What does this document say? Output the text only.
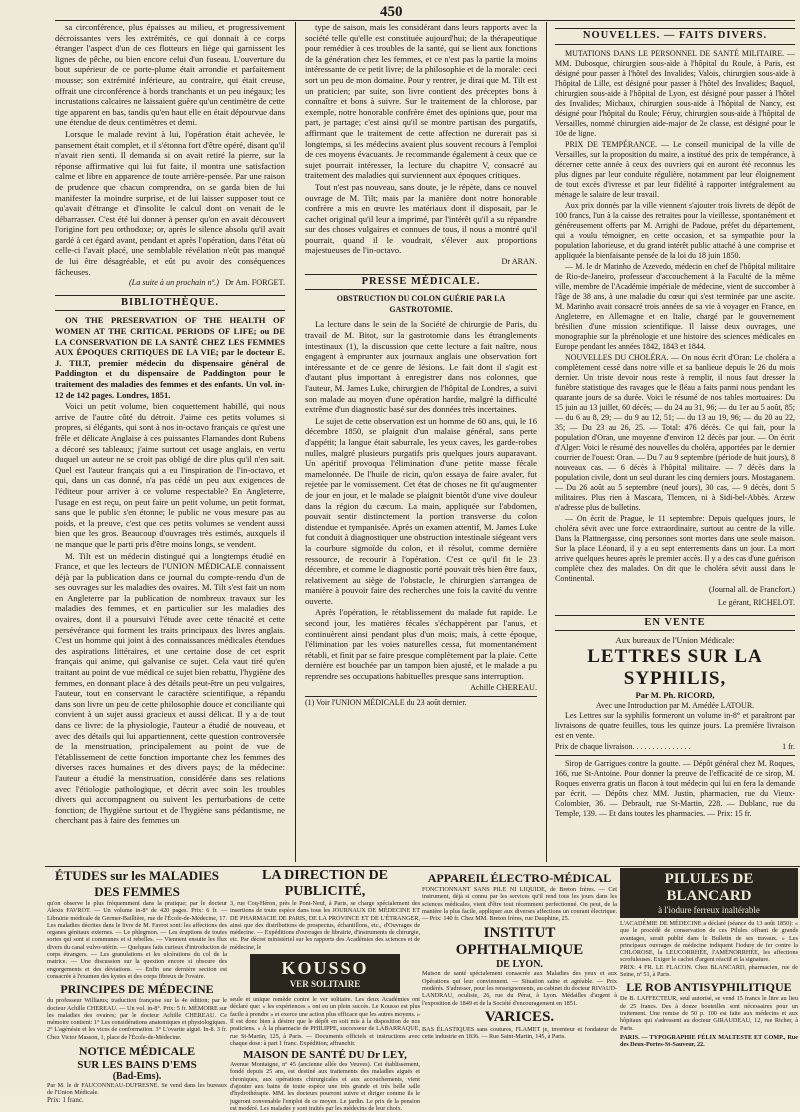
450
sa circonférence, plus épaisses au milieu, et progressivement décroissantes vers les extrémités, ce qui donnait à ce corps étranger l'aspect d'un de ces flotteurs en liége qui garnissent les lignes de pêche, ou bien encore celui d'un fuseau. L'ouverture du bout supérieur de ce porte-plume était arrondie et parfaitement mousse; son extrémité inférieure, au contraire, qui était creuse, offrait une circonférence à bords tranchants et un peu inégaux; les incrustations calcaires ne laissaient guère qu'un centimètre de cette tige apparent en bas, tandis qu'en haut elle en était dépourvue dans une étendue de deux centimètres et demi.
Lorsque le malade revint à lui, l'opération était achevée, le pansement était complet, et il s'étonna fort d'être opéré, disant qu'il n'avait rien senti. Il demanda si on avait retiré la pierre, sur la réponse affirmative qui lui fut faite, il montra une satisfaction calme et libre en apparence de toute arrière-pensée. Par une raison de prudence que chacun comprendra, on se garda bien de lui manifester la moindre surprise, et de lui laisser supposer tout ce qu'avait d'étrange et d'insolite le calcul dont on venait de le débarrasser. C'est été lui donner à penser qu'on en avait découvert l'origine fort peu orthodoxe; or, après le silence absolu qu'il avait gardé à cet égard avant, pendant et après l'opération, dans l'état où celle-ci l'avait placé, une semblable révélation n'eût pas manqué de lui être désagréable, et eût pu avoir des conséquences fâcheuses.
(La suite à un prochain nº.) Dr Am. FORGET.
BIBLIOTHÈQUE.
ON THE PRESERVATION OF THE HEALTH OF WOMEN AT THE CRITICAL PERIODS OF LIFE; ou DE LA CONSERVATION DE LA SANTÉ CHEZ LES FEMMES AUX ÉPOQUES CRITIQUES DE LA VIE; par le docteur E. J. TILT, premier médecin du dispensaire général de Paddington et du dispensaire de Paddington pour le traitement des maladies des femmes et des enfants. Un vol. in-12 de 142 pages. Londres, 1851.
Voici un petit volume, bien coquettement habillé, qui nous arrive de l'autre côté du détroit. J'aime ces petits volumes si propres, si élégants, qui sont à nos in-octavo français ce qu'est une frêle et délicate Anglaise à ces puissantes Flamandes dont Rubens a décoré ses tableaux; j'aime surtout cet usage anglais, en vertu duquel un auteur ne se croit pas obligé de dire plus qu'il n'en sait. Quel est l'auteur français qui a eu l'inspiration de l'in-octavo, et qui, dans un cas donné, n'a pas cédé un peu aux exigences de l'éditeur pour arriver à ce volume respectable? En Angleterre, l'usage en est reçu, on peut faire un petit volume, un petit format, sans que le public s'en étonne; le public ne vous mesure pas au poids, et la preuve, c'est que ces petits volumes se vendent aussi bien que les gros. Beaucoup d'ouvrages très estimés, auxquels il ne manque que le parti pris d'être moins longs, se vendent.
M. Tilt est un médecin distingué qui a longtemps étudié en France, et que les lecteurs de l'UNION MÉDICALE connaissent déjà par la publication dans ce journal du compte-rendu d'un de ses ouvrages sur les maladies des ovaires. M. Tilt s'est fait un nom en Angleterre par la publication de nombreux travaux sur les maladies des femmes, et en particulier sur les maladies des ovaires, dont il a poursuivi l'étude avec cette ténacité et cette persévérance qui forment les traits principaux des livres anglais. C'est un homme qui joint à des connaissances médicales étendues des aspirations littéraires, et une certaine dose de cet esprit français qui anime, qui galvanise ce sujet. Cela vaut tiré qu'en traitant au point de vue médical ce sujet bien rebattu, l'hygiène des femmes, en donnant place à des détails peut-être un peu vulgaires, l'auteur, tout en conservant le caractère scientifique, a répandu dans son livre un peu de cette philosophie douce et conciliante qui convient à un sujet aussi gracieux et aussi délicat. Il y a de tout dans ce livre: de la physiologie, l'auteur a étudié de nouveau, et avec des détails qui lui appartiennent, cette question controversée de la menstruation, principalement au point de vue de l'établissement de cette fonction importante chez les femmes des diverses races humaines et des divers pays; de la médecine: l'auteur a étudié la menstruation, considérée dans ses relations avec l'étiologie pathologique, et décrit avec soin les troubles divers qui accompagnent ou suivent les perturbations de cette fonction; de l'hygiène surtout et de l'hygiène sans pédantisme, ne cherchant pas à faire des femmes un
type de saison, mais les considérant dans leurs rapports avec la société telle qu'elle est constituée aujourd'hui; de la thérapeutique pour remédier à ces troubles de la santé, qui se lient aux fonctions de la génération chez les femmes, et ce n'est pas la partie la moins intéressante de ce petit livre; de la philosophie et de la morale: ceci sort un peu de mon domaine. Pour y rentrer, je dirai que M. Tilt est un praticien; par suite, son livre contient des préceptes bons à connaître et bons à suivre. Sur le traitement de la chlorose, par exemple, notre honorable confrère émet des opinions que, pour ma part, je partage; c'est ainsi qu'il se montre partisan des purgatifs, affirmant que le traitement de cette affection ne durerait pas si longtemps, si les médecins avaient plus souvent recours à l'emploi de ces moyens évacuants. Je recommande également à ceux que ce sujet pourrait intéresser, la lecture du chapitre V, consacré au traitement des maladies qui surviennent aux époques critiques.
Tout n'est pas nouveau, sans doute, je le répète, dans ce nouvel ouvrage de M. Tilt; mais par la manière dont notre honorable confrère a mis en œuvre les matériaux dont il disposait, par le cachet original qu'il leur a imprimé, par l'intérêt qu'il a su répandre sur des choses vulgaires et connues de tous, il nous a montré qu'il pourrait, quand il le voudrait, s'élever aux proportions majestueuses de l'in-octavo.
Dr ARAN.
PRESSE MÉDICALE.
OBSTRUCTION DU COLON GUÉRIE PAR LA GASTROTOMIE.
La lecture dans le sein de la Société de chirurgie de Paris, du travail de M. Bitot, sur la gastrotomie dans les étranglements intestinaux (1), la discussion que cette lecture a fait naître, nous engagent à emprunter aux journaux anglais une observation fort intéressante et de ce genre de lésions. Le fait dont il s'agit est d'autant plus important à enregistrer dans nos colonnes, que l'auteur, M. James Luke, chirurgien de l'hôpital de Londres, a suivi son malade au moyen d'une opération hardie, malgré la difficulté extrême d'un diagnostic basé sur des données très incertaines.
Le sujet de cette observation est un homme de 60 ans, qui, le 16 décembre 1850, se plaignit d'un malaise général, sans perte d'appétit; la langue était saburrale, les yeux caves, les garde-robes nulles, malgré plusieurs purgatifs pris quelques jours auparavant. Un apéritif provoqua l'élimination d'une petite masse fécale mamelonnée. De l'huile de ricin, qu'on essaya de faire avaler, fut rejetée par le vomissement. Cet état de choses ne fit qu'augmenter de jour en jour, et le malade se plaignit bientôt d'une vive douleur dans la région du cæcum. La main, appliquée sur l'abdomen, pouvait sentir distinctement la portion transverse du colon distendue et tympanisée. Après un examen attentif, M. James Luke fut conduit à diagnostiquer une obstruction intestinale siégeant vers la courbure sigmoïde du colon, et il résolut, comme dernière ressource, de recourir à l'opération. C'est ce qu'il fit le 23 décembre, et comme le diagnostic porté pouvait très bien être faux, relativement au siège de l'obstacle, le chirurgien s'arrangea de manière à pouvoir faire des recherches une fois la cavité du ventre ouverte.
Après l'opération, le rétablissement du malade fut rapide. Le second jour, les matières fécales s'échappèrent par l'anus, et continuèrent ainsi pendant plus d'un mois; mais, à cette époque, l'élimination par les voies naturelles cessa, fut momentanément rétabli, et finit par se faire presque complètement par la plaie. Cette dernière est bouchée par un tampon bien ajusté, et le malade a pu reprendre ses occupations habituelles presque sans interruption.
Achille CHEREAU.
(1) Voir l'UNION MÉDICALE du 23 août dernier.
NOUVELLES. — FAITS DIVERS.
MUTATIONS DANS LE PERSONNEL DE SANTÉ MILITAIRE. — MM. Dubosque, chirurgien sous-aide à l'hôpital du Roule, à Paris, est désigné pour passer à l'hôtel des Invalides; Valois, chirurgien sous-aide à l'hôpital de Lille, est désigné pour passer à l'hôtel des Invalides; Baquol, chirurgien sous-aide à l'hôpital de Lyon, est désigné pour passer à l'hôtel des Invalides; Michaux, chirurgien sous-aide à l'hôpital de Nancy, est désigné pour l'hôpital du Roule; Féruy, chirurgien sous-aide à l'hôpital de Versailles, nommé chirurgien aide-major de 2e classe, est désigné pour le 10e de ligne.
PRIX DE TEMPÉRANCE. — Le conseil municipal de la ville de Versailles, sur la proposition du maire, a institué des prix de tempérance, à décerner cette année à ceux des ouvriers qui en auront été reconnus les plus dignes par leur conduite régulière, notamment par leur éloignement de tout excès d'ivresse et par leur fidélité à rapporter intégralement au ménage le salaire de leur travail.
Aux prix donnés par la ville viennent s'ajouter trois livrets de dépôt de 100 francs, l'un à la caisse des retraites pour la vieillesse, spontanément et généreusement offerts par M. Arrighi de Padoue, préfet du département, qui a voulu témoigner, en cette occasion, et sa sympathie pour la population laborieuse, et du grand intérêt public attaché à une comprise et appliquée la bienfaisante pensée de la loi du 18 juin 1850.
— M. le dr Marinho de Azevedo, médecin en chef de l'hôpital militaire de Rio-de-Janeiro, professeur d'accouchement à la Faculté de la même ville, membre de l'Académie impériale de médecine, vient de succomber à l'âge de 38 ans, à une maladie du cœur qui s'est terminée par une ascite. M. Marinho avait consacré trois années de sa vie à voyager en France, en Angleterre, en Allemagne et en Italie, chargé par le gouvernement brésilien d'une mission scientifique. Il laisse deux ouvrages, une monographie sur la phrénologie et une histoire des sciences médicales en Europe pendant les années 1842, 1843 et 1844.
NOUVELLES DU CHOLÉRA. — On nous écrit d'Oran: Le choléra a complètement cessé dans notre ville et sa banlieue depuis le 26 du mois dernier. Un triste devoir nous reste à remplir, il nous faut dresser la funèbre statistique des ravages que le fléau a faits parmi nous pendant les quarante jours de sa durée. Voici le résumé de nos tables mortuaires: Du 15 juin au 13 juillet, 60 décès; — du 24 au 31, 96; — du 1er au 5 août, 85; — du 6 au 8, 29; — du 9 au 12, 51; — du 13 au 19, 96; — du 20 au 22, 35; — Du 23 au 26, 25. — Total: 476 décès. Ce qui fait, pour la population d'Oran, une moyenne d'environ 12 décès par jour. — On écrit d'Alger: Voici le résumé des nouvelles du choléra, apportées par le dernier courrier de l'ouest: Oran. — Du 7 au 9 septembre (période de huit jours), 8 nouveaux cas. — 6 décès à l'hôpital militaire. — 7 décès dans la population civile, dont un seul durant les cinq derniers jours. Mostaganem. — Du 26 août au 5 septembre (neuf jours), 30 cas, — 9 décès, dont 5 militaires. Plus rien à Mascara, Tlemcen, ni à Sidi-bel-Abbès. Arzew n'adresse plus de bulletins.
— On écrit de Prague, le 11 septembre: Depuis quelques jours, le choléra sévit avec une force extraordinaire, surtout au centre de la ville. Dans la Plattnergasse, cinq personnes sont mortes dans une seule maison. Sur la place Léonard, il y a eu sept enterrements dans un jour. La mort arrive quelques heures après le premier accès. Il y a des cas d'une guérison complète chez des malades. On dit que le choléra sévit aussi dans le Continental.
(Journal all. de Francfort.)
Le gérant, RICHELOT.
EN VENTE
Aux bureaux de l'Union Médicale:
LETTRES SUR LA SYPHILIS,
Par M. Ph. RICORD,
Avec une Introduction par M. Amédée LATOUR.
Les Lettres sur la syphilis formeront un volume in-8° et paraîtront par livraisons de quatre feuilles, tous les quinze jours. La première livraison est en vente.
Prix de chaque livraison. . . . . . . . . . . . . . .	1 fr.
Sirop de Garrigues contre la goutte. — Dépôt général chez M. Roques, 166, rue St-Antoine. Pour donner la preuve de l'efficacité de ce sirop, M. Roques enverra gratis un flacon à tout médecin qui lui en fera la demande par écrit. — Dépôts chez MM. Justin, pharmacien, rue du Vieux-Colombier, 36. — Debrault, rue St-Martin, 228. — Dublanc, rue du Temple, 139. — Et dans toutes les pharmacies. — Prix: 15 fr.
ÉTUDES sur les MALADIES DES FEMMES
qu'on observe le plus fréquemment dans la pratique; par le docteur Alexis FAVROT. — Un volume in-8° de 420 pages. Prix: 6 fr. — Librairie médicale de Germer-Baillière, rue de l'École-de-Médecine, 17. Les maladies décrites dans le livre de M. Favrot sont: les affections des organes génitaux externes. — Le phlegmon. — Les éruptions de toutes sortes qui sont si communes et si rebelles. — Viennent ensuite les flux divers du canal vulvo-utérin. — Quelques faits curieux d'introduction de corps étrangers. — Les granulations et les ulcérations du col de la matrice. — Une discussion sur la question encore si obscure des engorgements et des déviations. — Enfin une dernière section est consacrée à l'examen des kystes et des corps fibreux de l'ovaire.
PRINCIPES DE MÉDECINE
du professeur Williams; traduction française sur la 4e édition; par le docteur Achille CHEREAU. — Un vol. in-8°. Prix: 5 fr. MÉMOIRE sur les maladies des ovaires; par le docteur Achille CHEREAU. Ce mémoire contient: 1° Les considérations anatomiques et physiologiques. 2° L'agénésie et les vices de conformation. 3° L'ovarite aiguë. In-8. 3 fr. Chez Victor Masson, 1, place de l'École-de-Médecine.
NOTICE MÉDICALE
SUR LES BAINS D'EMS
(Bad-Ems).
Par M. le dr FAUCONNEAU-DUFRESNE. Se vend dans les bureaux de l'Union Médicale.
Prix: 1 franc.
LA DIRECTION DE PUBLICITÉ,
3, rue Coq-Héron, près le Pont-Neuf, à Paris, se charge spécialement des insertions de toute espèce dans tous les JOURNAUX DE MÉDECINE ET DE PHARMACIE DE PARIS, DE LA PROVINCE ET DE L'ÉTRANGER, ainsi que des distributions de prospectus, échantillons, etc., d'Ouvrages de médecine. — Expéditions d'ouvrages de librairie, d'instruments de chirurgie, etc. Par décret ministériel sur les rapports des Académies des sciences et de médecine, le
KOUSSO
VER SOLITAIRE
seule et unique remède contre le ver solitaire. Les deux Académies ont déclaré que: « les expériences » ont eu un plein succès. Le Kousso est plus facile à prendre » et exerce une action plus efficace que les autres moyens. » Il est donc bien à désirer que le dépôt en soit mis à la disposition de nos praticiens. » À la pharmacie de PHILIPPE, successeur de LABARRAQUE, rue St-Martin, 125, à Paris. — Documents officiels et instructions avec chaque dose: à part 1 franc. Expédition; affranchir.
MAISON DE SANTÉ DU Dr LEY,
Avenue Montaigne, nº 45 (ancienne allée des Veuves). Cet établissement, fondé depuis 25 ans, est destiné aux traitements des maladies aiguës et chroniques, aux opérations chirurgicales et aux accouchements, vient d'ajouter aux bains de toute espèce une très grande et très belle salle d'hydrothérapie. MM. les docteurs pourront suivre et diriger comme ils le jugeront convenable l'emploi de ce moyen. Le jardin. Le prix de la pension est modéré. Les malades y sont traités par les médecins de leur choix.
APPAREIL ÉLECTRO-MÉDICAL
FONCTIONNANT SANS PILE NI LIQUIDE, de Breton frères. — Cet instrument, déjà si connu par les services qu'il rend tous les jours dans les sciences médicales, vient d'être tout récemment perfectionné. On peut, de la manière la plus facile, appliquer aux diverses affections un courant électrique. — Prix: 140 fr. Chez MM. Breton frères, rue Dauphine, 25.
INSTITUT OPHTHALMIQUE
DE LYON.
Maison de santé spécialement consacrée aux Maladies des yeux et aux Opérations qui leur conviennent. — Situation saine et agréable. — Prix modérés. S'adresser, pour les renseignements, au cabinet du docteur RIVAUD-LANDRAU, oculiste, 26, rue du Pérat, à Lyon. Médailles d'argent à l'exposition de 1849 et de la Société d'encouragement en 1851.
VARICES.
BAS ÉLASTIQUES sans coutures, FLAMET je, inventeur et fondateur de cette industrie en 1836. — Rue Saint-Martin, 145, à Paris.
PILULES DE BLANCARD
à l'iodure ferreux inaltérable
L'ACADÉMIE DE MÉDECINE a déclaré (séance du 13 août 1850): « que le procédé de conservation de ces Pilules offrant de grands avantages, serait publié dans le Bulletin de ses travaux. » Les principaux ouvrages de médecine indiquent l'iodure de fer contre la CHLOROSE, la LEUCORRHÉE, l'AMÉNORRHÉE, les affections scrofuleuses. Exiger le cachet d'argent réactif et la signature.
PRIX: 4 FR. LE FLACON. Chez BLANCARD, pharmacien, rue de Seine, nº 51, à Paris.
LE ROB ANTISYPHILITIQUE
De B. LAFFECTEUR, seul autorisé, se vend 15 francs le litre au lieu de 25 francs. Des à douze bouteilles sont nécessaires pour un traitement. Une remise de 50 p. 100 est faite aux médecins et aux hôpitaux qui s'adressent au docteur GIRAUDEAU, 12, rue Richer, à Paris.
PARIS. — TYPOGRAPHIE FÉLIX MALTESTE ET COMP., Rue des Deux-Portes-St-Sauveur, 22.
